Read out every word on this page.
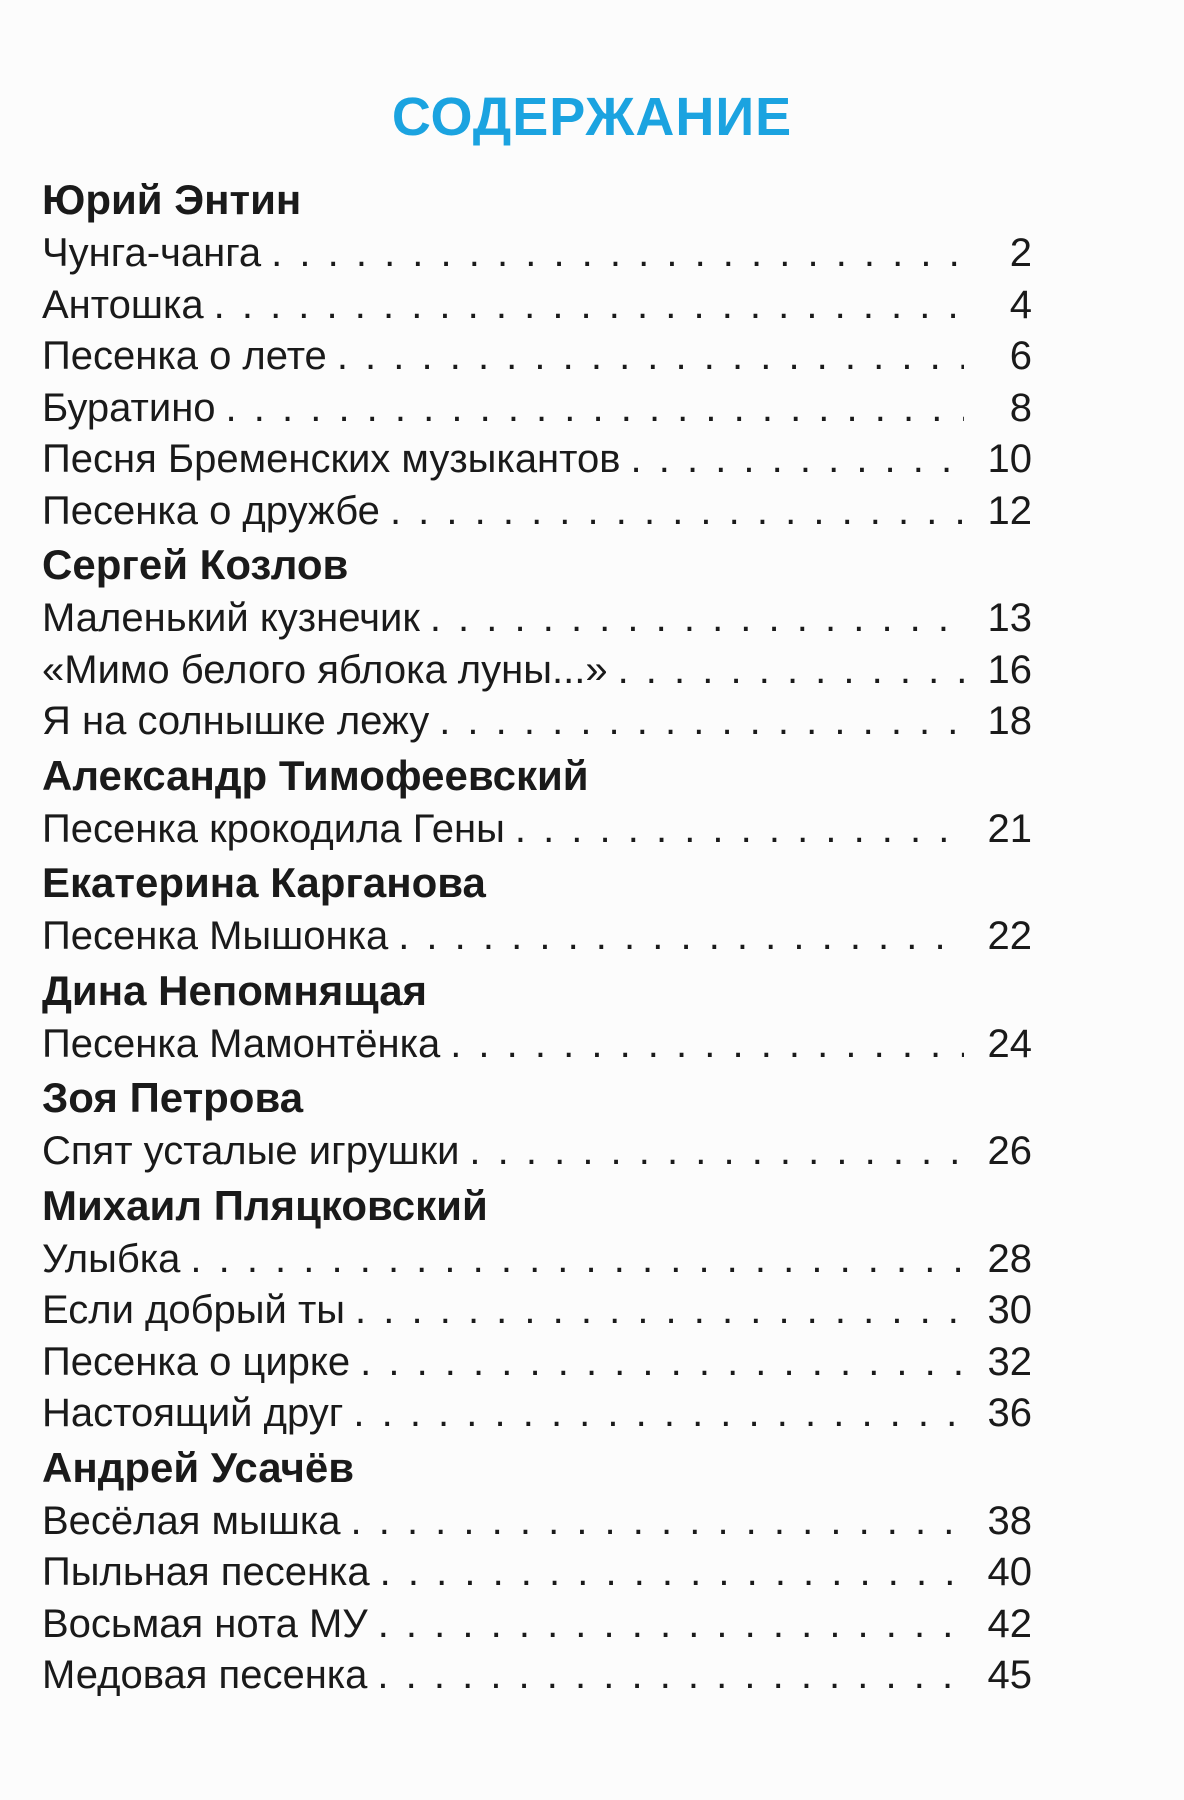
СОДЕРЖАНИЕ
Юрий Энтин
Чунга-чанга . . .	2
Антошка . . .	4
Песенка о лете . . .	6
Буратино . . .	8
Песня Бременских музыкантов . . .	10
Песенка о дружбе . . .	12
Сергей Козлов
Маленький кузнечик . . .	13
«Мимо белого яблока луны...» . . .	16
Я на солнышке лежу . . .	18
Александр Тимофеевский
Песенка крокодила Гены . . .	21
Екатерина Карганова
Песенка Мышонка . . .	22
Дина Непомнящая
Песенка Мамонтёнка . . .	24
Зоя Петрова
Спят усталые игрушки . . .	26
Михаил Пляцковский
Улыбка . . .	28
Если добрый ты . . .	30
Песенка о цирке . . .	32
Настоящий друг . . .	36
Андрей Усачёв
Весёлая мышка . . .	38
Пыльная песенка . . .	40
Восьмая нота МУ . . .	42
Медовая песенка . . .	45
